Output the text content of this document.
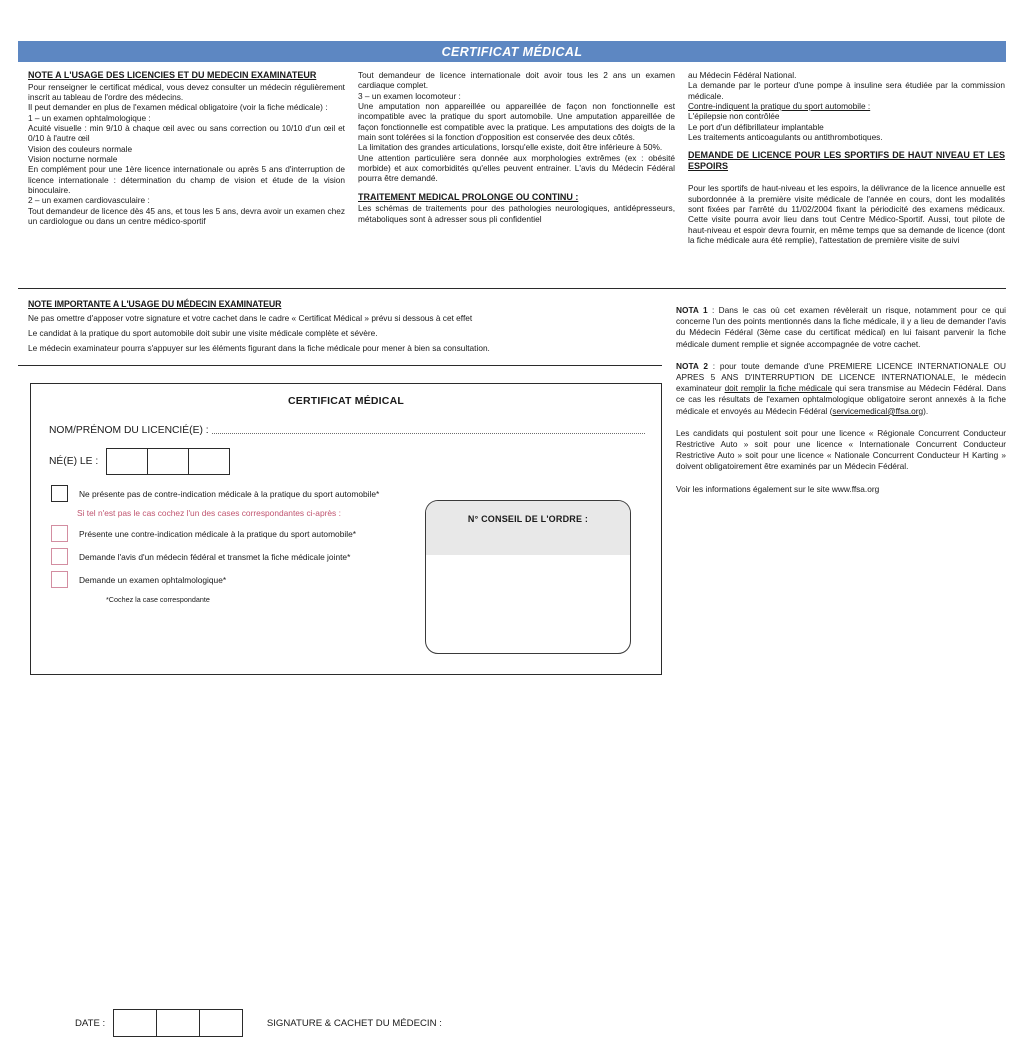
CERTIFICAT MÉDICAL
NOTE A L'USAGE DES LICENCIES ET DU MEDECIN EXAMINATEUR

Pour renseigner le certificat médical, vous devez consulter un médecin régulièrement inscrit au tableau de l'ordre des médecins.

Il peut demander en plus de l'examen médical obligatoire (voir la fiche médicale) :

1 – un examen ophtalmologique :

Acuité visuelle : min 9/10 à chaque œil avec ou sans correction ou 10/10 d'un œil et 0/10 à l'autre œil

Vision des couleurs normale

Vision nocturne normale

En complément pour une 1ère licence internationale ou après 5 ans d'interruption de licence internationale : détermination du champ de vision et étude de la vision binoculaire.

2 – un examen cardiovasculaire :

Tout demandeur de licence dès 45 ans, et tous les 5 ans, devra avoir un examen chez un cardiologue ou dans un centre médico-sportif

Tout demandeur de licence internationale doit avoir tous les 2 ans un examen cardiaque complet.

3 – un examen locomoteur :

Une amputation non appareillée ou appareillée de façon non fonctionnelle est incompatible avec la pratique du sport automobile. Une amputation appareillée de façon fonctionnelle est compatible avec la pratique. Les amputations des doigts de la main sont tolérées si la fonction d'opposition est conservée des deux côtés.

La limitation des grandes articulations, lorsqu'elle existe, doit être inférieure à 50%.

Une attention particulière sera donnée aux morphologies extrêmes (ex : obésité morbide) et aux comorbidités qu'elles peuvent entrainer. L'avis du Médecin Fédéral pourra être demandé.

TRAITEMENT MEDICAL PROLONGE OU CONTINU :

Les schémas de traitements pour des pathologies neurologiques, antidépresseurs, métaboliques sont à adresser sous pli confidentiel

au Médecin Fédéral National.

La demande par le porteur d'une pompe à insuline sera étudiée par la commission médicale.

Contre-indiquent la pratique du sport automobile :

L'épilepsie non contrôlée

Le port d'un défibrillateur implantable

Les traitements anticoagulants ou antithrombotiques.

DEMANDE DE LICENCE POUR LES SPORTIFS DE HAUT NIVEAU ET LES ESPOIRS

Pour les sportifs de haut-niveau et les espoirs, la délivrance de la licence annuelle est subordonnée à la première visite médicale de l'année en cours, dont les modalités sont fixées par l'arrêté du 11/02/2004 fixant la périodicité des examens médicaux. Cette visite pourra avoir lieu dans tout Centre Médico-Sportif. Aussi, tout pilote de haut-niveau et espoir devra fournir, en même temps que sa demande de licence (dont la fiche médicale aura été remplie), l'attestation de première visite de suivi

NOTE IMPORTANTE A L'USAGE DU MÉDECIN EXAMINATEUR

Ne pas omettre d'apposer votre signature et votre cachet dans le cadre « Certificat Médical » prévu si dessous à cet effet

Le candidat à la pratique du sport automobile doit subir une visite médicale complète et sévère.

Le médecin examinateur pourra s'appuyer sur les éléments figurant dans la fiche médicale pour mener à bien sa consultation.

NOTA 1 : Dans le cas où cet examen révèlerait un risque, notamment pour ce qui concerne l'un des points mentionnés dans la fiche médicale, il y a lieu de demander l'avis du Médecin Fédéral (3ème case du certificat médical) en lui faisant parvenir la fiche médicale dument remplie et signée accompagnée de votre cachet.

NOTA 2 : pour toute demande d'une PREMIERE LICENCE INTERNATIONALE OU APRES 5 ANS D'INTERRUPTION DE LICENCE INTERNATIONALE, le médecin examinateur doit remplir la fiche médicale qui sera transmise au Médecin Fédéral. Dans ce cas les résultats de l'examen ophtalmologique obligatoire seront annexés à la fiche médicale et envoyés au Médecin Fédéral (servicemedical@ffsa.org).

Les candidats qui postulent soit pour une licence « Régionale Concurrent Conducteur Restrictive Auto » soit pour une licence « Internationale Concurrent Conducteur Restrictive Auto » soit pour une licence « Nationale Concurrent Conducteur H Karting » doivent obligatoirement être examinés par un Médecin Fédéral.

Voir les informations également sur le site www.ffsa.org

CERTIFICAT MÉDICAL
NOM/PRÉNOM DU LICENCIÉ(E) :
NÉ(E) LE :
Ne présente pas de contre-indication médicale à la pratique du sport automobile*
Si tel n'est pas le cas cochez l'un des cases correspondantes ci-après :
Présente une contre-indication médicale à la pratique du sport automobile*
Demande l'avis d'un médecin fédéral et transmet la fiche médicale jointe*
Demande un examen ophtalmologique*
*Cochez la case correspondante
DATE :	SIGNATURE & CACHET DU MÉDECIN :
N° CONSEIL DE L'ORDRE :
